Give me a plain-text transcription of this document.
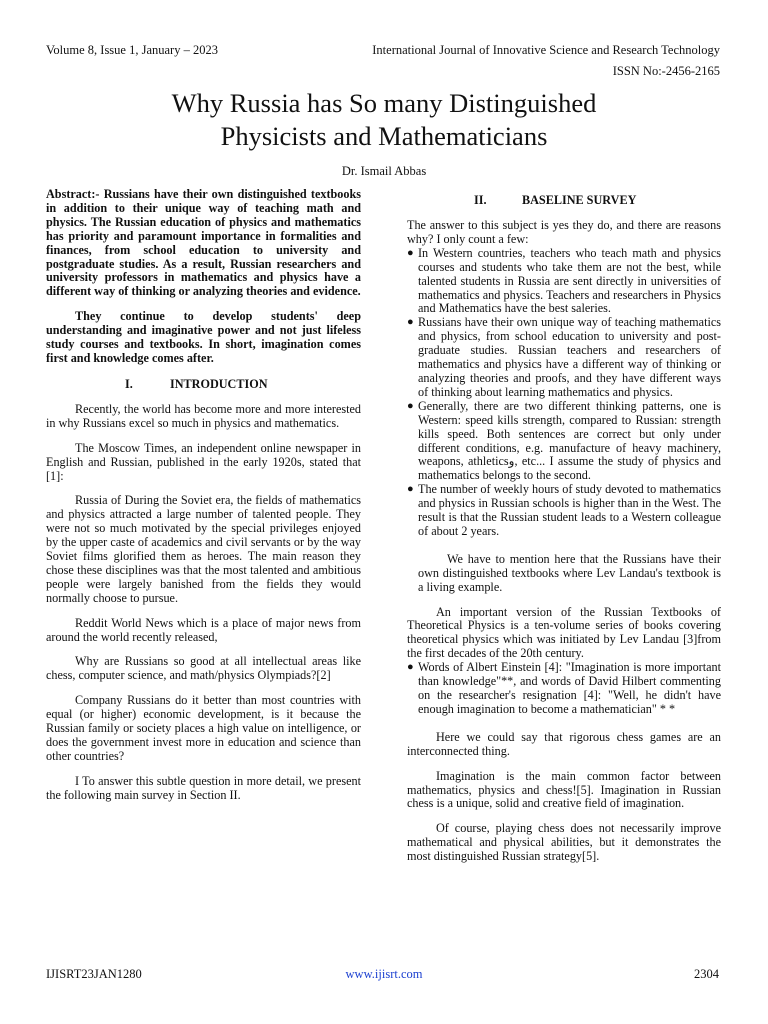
Volume 8, Issue 1, January – 2023	International Journal of Innovative Science and Research Technology
ISSN No:-2456-2165
Why Russia has So many Distinguished
Physicists and Mathematicians
Dr. Ismail Abbas

Abstract:- Russians have their own distinguished textbooks in addition to their unique way of teaching math and physics. The Russian education of physics and mathematics has priority and paramount importance in formalities and finances, from school education to university and postgraduate studies. As a result, Russian researchers and university professors in mathematics and physics have a different way of thinking or analyzing theories and evidence.

They continue to develop students' deep understanding and imaginative power and not just lifeless study courses and textbooks. In short, imagination comes first and knowledge comes after.

I.	INTRODUCTION

Recently, the world has become more and more interested in why Russians excel so much in physics and mathematics.

The Moscow Times, an independent online newspaper in English and Russian, published in the early 1920s, stated that [1]:

Russia of During the Soviet era, the fields of mathematics and physics attracted a large number of talented people. They were not so much motivated by the special privileges enjoyed by the upper caste of academics and civil servants or by the way Soviet films glorified them as heroes. The main reason they chose these disciplines was that the most talented and ambitious people were largely banished from the fields they would normally choose to pursue.

Reddit World News which is a place of major news from around the world recently released,

Why are Russians so good at all intellectual areas like chess, computer science, and math/physics Olympiads?[2]

Company Russians do it better than most countries with equal (or higher) economic development, is it because the Russian family or society places a high value on intelligence, or does the government invest more in education and science than other countries?

I To answer this subtle question in more detail, we present the following main survey in Section II.

II.	BASELINE SURVEY

The answer to this subject is yes they do, and there are reasons why? I only count a few:

● In Western countries, teachers who teach math and physics courses and students who take them are not the best, while talented students in Russia are sent directly in universities of mathematics and physics. Teachers and researchers in Physics and Mathematics have the best saleries.
● Russians have their own unique way of teaching mathematics and physics, from school education to university and post-graduate studies. Russian teachers and researchers of mathematics and physics have a different way of thinking or analyzing theories and proofs, and they have different ways of thinking about learning mathematics and physics.
● Generally, there are two different thinking patterns, one is Western: speed kills strength, compared to Russian: strength kills speed. Both sentences are correct but only under different conditions, e.g. manufacture of heavy machinery, weapons, athleticsو, etc... I assume the study of physics and mathematics belongs to the second.
● The number of weekly hours of study devoted to mathematics and physics in Russian schools is higher than in the West. The result is that the Russian student leads to a Western colleague of about 2 years.

We have to mention here that the Russians have their own distinguished textbooks where Lev Landau's textbook is a living example.

An important version of the Russian Textbooks of Theoretical Physics is a ten-volume series of books covering theoretical physics which was initiated by Lev Landau [3]from the first decades of the 20th century.

● Words of Albert Einstein [4]: "Imagination is more important than knowledge"**, and words of David Hilbert commenting on the researcher's resignation [4]: "Well, he didn't have enough imagination to become a mathematician" * *

Here we could say that rigorous chess games are an interconnected thing.

Imagination is the main common factor between mathematics, physics and chess![5]. Imagination in Russian chess is a unique, solid and creative field of imagination.

Of course, playing chess does not necessarily improve mathematical and physical abilities, but it demonstrates the most distinguished Russian strategy[5].

IJISRT23JAN1280	www.ijisrt.com	2304
